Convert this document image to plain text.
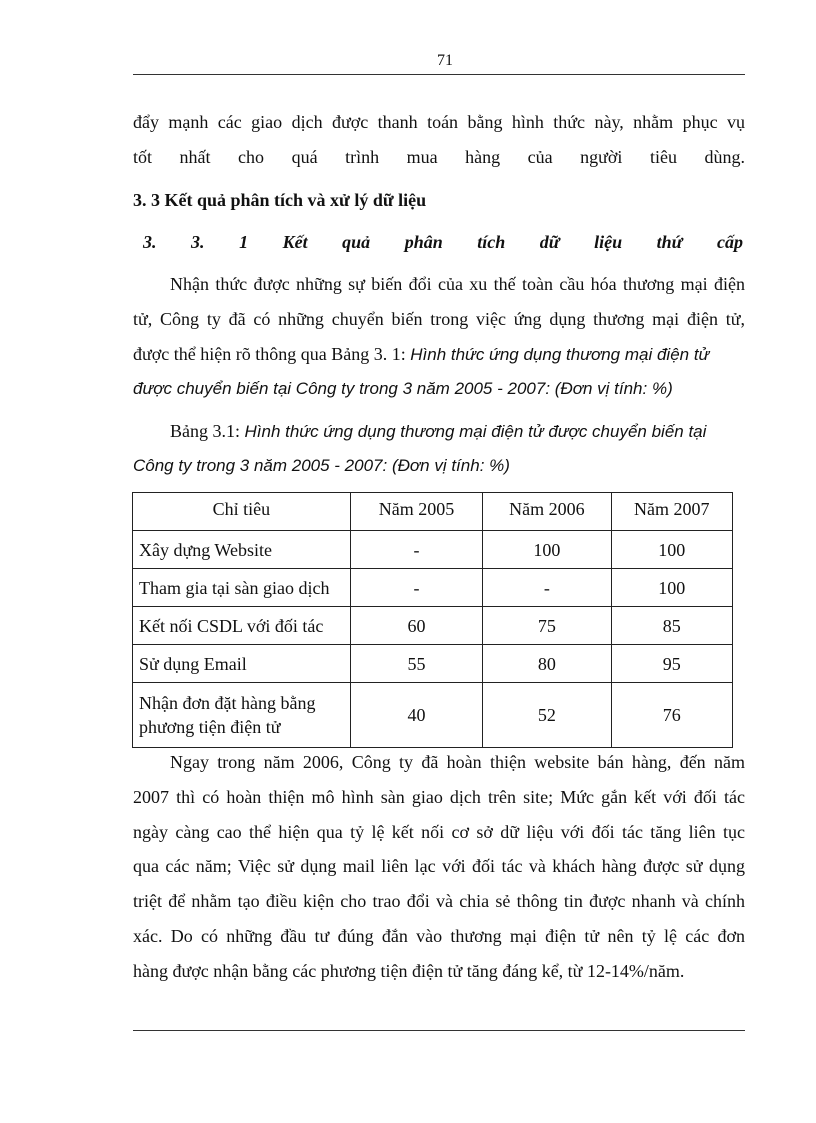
71
đẩy mạnh các giao dịch được thanh toán bằng hình thức này, nhằm phục vụ
tốt nhất cho quá trình mua hàng của người tiêu dùng.
3. 3 Kết quả phân tích và xử lý dữ liệu
3. 3. 1 Kết quả phân tích dữ liệu thứ cấp
Nhận thức được những sự biến đổi của xu thế toàn cầu hóa thương mại điện
tử, Công ty đã có những chuyển biến trong việc ứng dụng thương mại điện tử,
được thể hiện rõ thông qua Bảng 3. 1: Hình thức ứng dụng thương mại điện tử
được chuyển biến tại Công ty trong 3 năm 2005 - 2007: (Đơn vị tính: %)
Bảng 3.1: Hình thức ứng dụng thương mại điện tử được chuyển biến tại
Công ty trong 3 năm 2005 - 2007: (Đơn vị tính: %)
Chỉ tiêu	Năm 2005	Năm 2006	Năm 2007
Xây dựng Website	-	100	100
Tham gia tại sàn giao dịch	-	-	100
Kết nối CSDL với đối tác	60	75	85
Sử dụng Email	55	80	95

Nhận đơn đặt hàng bằng
phương tiện điện tử	40	52	76
Ngay trong năm 2006, Công ty đã hoàn thiện website bán hàng, đến năm
2007 thì có hoàn thiện mô hình sàn giao dịch trên site; Mức gắn kết với đối tác
ngày càng cao thể hiện qua tỷ lệ kết nối cơ sở dữ liệu với đối tác tăng liên tục
qua các năm; Việc sử dụng mail liên lạc với đối tác và khách hàng được sử dụng
triệt để nhằm tạo điều kiện cho trao đổi và chia sẻ thông tin được nhanh và chính
xác. Do có những đầu tư đúng đắn vào thương mại điện tử nên tỷ lệ các đơn
hàng được nhận bằng các phương tiện điện tử tăng đáng kể, từ 12-14%/năm.
